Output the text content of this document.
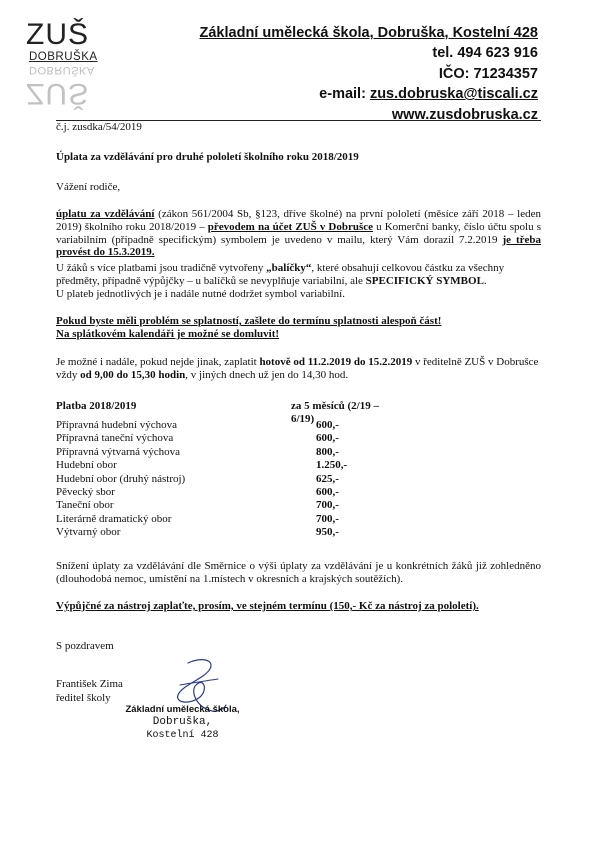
ZUŠ
DOBRUŠKA
DOBRUŠKA
ZUŠ
Základní umělecká škola, Dobruška, Kostelní 428
tel. 494 623 916
IČO: 71234357
e-mail: zus.dobruska@tiscali.cz
www.zusdobruska.cz
č.j. zusdka/54/2019
Úplata za vzdělávání pro druhé pololetí školního roku 2018/2019
Vážení rodiče,
úplatu za vzdělávání (zákon 561/2004 Sb, §123, dříve školné) na první pololetí (měsíce září 2018 – leden 2019) školního roku 2018/2019 – převodem na účet ZUŠ v Dobrušce u Komerční banky, číslo účtu spolu s variabilním (případně specifickým) symbolem je uvedeno v mailu, který Vám dorazil 7.2.2019 je třeba provést do 15.3.2019.
U žáků s více platbami jsou tradičně vytvořeny „balíčky“, které obsahují celkovou částku za všechny předměty, případně výpůjčky – u balíčků se nevyplňuje variabilní, ale SPECIFICKÝ SYMBOL.
U plateb jednotlivých je i nadále nutné dodržet symbol variabilní.
Pokud byste měli problém se splatností, zašlete do termínu splatnosti alespoň část!
Na splátkovém kalendáři je možné se domluvit!
Je možné i nadále, pokud nejde jinak, zaplatit hotově od 11.2.2019 do 15.2.2019 v ředitelně ZUŠ v Dobrušce vždy od 9,00 do 15,30 hodin, v jiných dnech už jen do 14,30 hod.
Platba 2018/2019	za 5 měsíců (2/19 – 6/19)
Přípravná hudební výchova	600,-
Přípravná taneční výchova	600,-
Přípravná výtvarná výchova	800,-
Hudební obor	1.250,-
Hudební obor (druhý nástroj)	625,-
Pěvecký sbor	600,-
Taneční obor	700,-
Literárně dramatický obor	700,-
Výtvarný obor	950,-
Snížení úplaty za vzdělávání dle Směrnice o výši úplaty za vzdělávání je u konkrétních žáků již zohledněno (dlouhodobá nemoc, umístění na 1.místech v okresních a krajských soutěžích).
Výpůjčné za nástroj zaplaťte, prosím, ve stejném termínu (150,- Kč za nástroj za pololetí).
S pozdravem
František Zima
ředitel školy
Základní umělecká škola,
Dobruška,
Kostelní 428
